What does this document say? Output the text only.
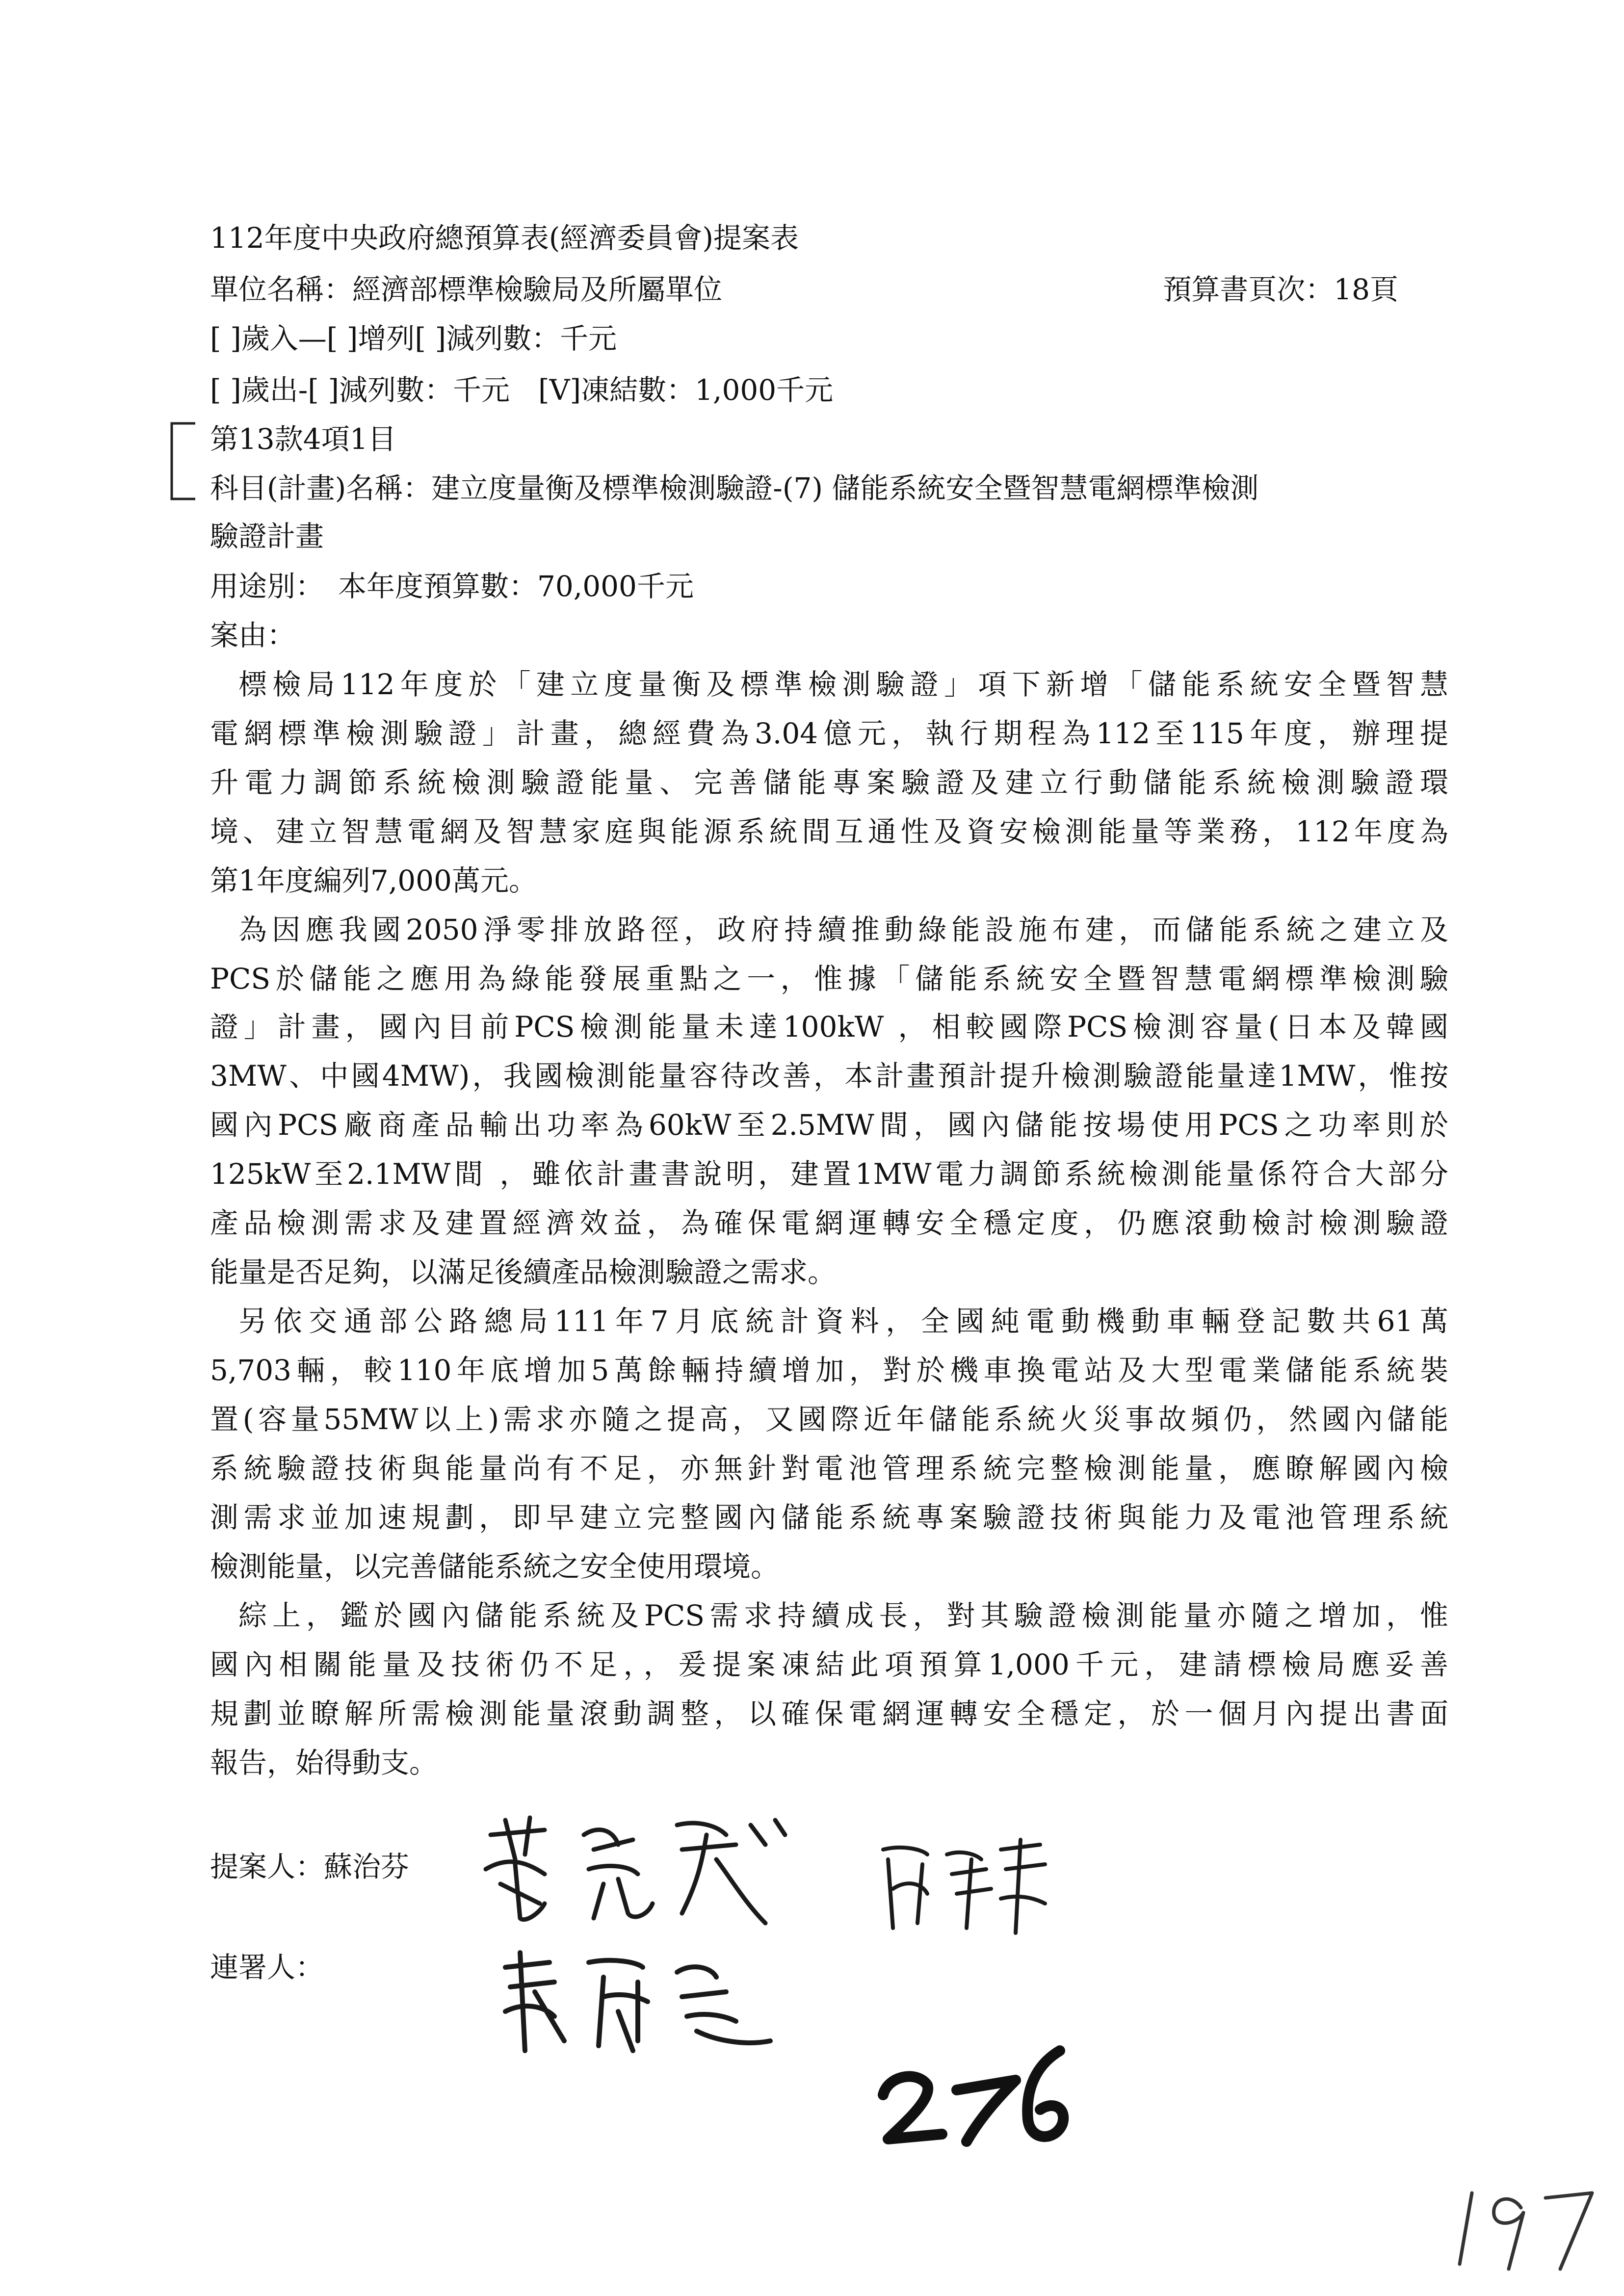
112年度中央政府總預算表(經濟委員會)提案表
單位名稱：經濟部標準檢驗局及所屬單位	預算書頁次：18頁
[ ]歲入—[ ]增列[ ]減列數：千元
[ ]歲出-[ ]減列數：千元　[V]凍結數：1,000千元
第13款4項1目
科目(計畫)名稱：建立度量衡及標準檢測驗證-(7) 儲能系統安全暨智慧電網標準檢測
驗證計畫
用途別：　本年度預算數：70,000千元
案由：
標檢局112年度於「建立度量衡及標準檢測驗證」項下新增「儲能系統安全暨智慧
電網標準檢測驗證」計畫，總經費為3.04億元，執行期程為112至115年度，辦理提
升電力調節系統檢測驗證能量、完善儲能專案驗證及建立行動儲能系統檢測驗證環
境、建立智慧電網及智慧家庭與能源系統間互通性及資安檢測能量等業務，112年度為
第1年度編列7,000萬元。
為因應我國2050淨零排放路徑，政府持續推動綠能設施布建，而儲能系統之建立及
PCS於儲能之應用為綠能發展重點之一，惟據「儲能系統安全暨智慧電網標準檢測驗
證」計畫，國內目前PCS檢測能量未達100kW ，相較國際PCS檢測容量(日本及韓國
3MW、中國4MW)，我國檢測能量容待改善，本計畫預計提升檢測驗證能量達1MW，惟按
國內PCS廠商產品輸出功率為60kW至2.5MW間，國內儲能按場使用PCS之功率則於
125kW至2.1MW間 ，雖依計畫書說明，建置1MW電力調節系統檢測能量係符合大部分
產品檢測需求及建置經濟效益，為確保電網運轉安全穩定度，仍應滾動檢討檢測驗證
能量是否足夠，以滿足後續產品檢測驗證之需求。
另依交通部公路總局111年7月底統計資料，全國純電動機動車輛登記數共61萬
5,703輛，較110年底增加5萬餘輛持續增加，對於機車換電站及大型電業儲能系統裝
置(容量55MW以上)需求亦隨之提高，又國際近年儲能系統火災事故頻仍，然國內儲能
系統驗證技術與能量尚有不足，亦無針對電池管理系統完整檢測能量，應瞭解國內檢
測需求並加速規劃，即早建立完整國內儲能系統專案驗證技術與能力及電池管理系統
檢測能量，以完善儲能系統之安全使用環境。
綜上，鑑於國內儲能系統及PCS需求持續成長，對其驗證檢測能量亦隨之增加，惟
國內相關能量及技術仍不足，，爰提案凍結此項預算1,000千元，建請標檢局應妥善
規劃並瞭解所需檢測能量滾動調整，以確保電網運轉安全穩定，於一個月內提出書面
報告，始得動支。
提案人：蘇治芬
連署人：
